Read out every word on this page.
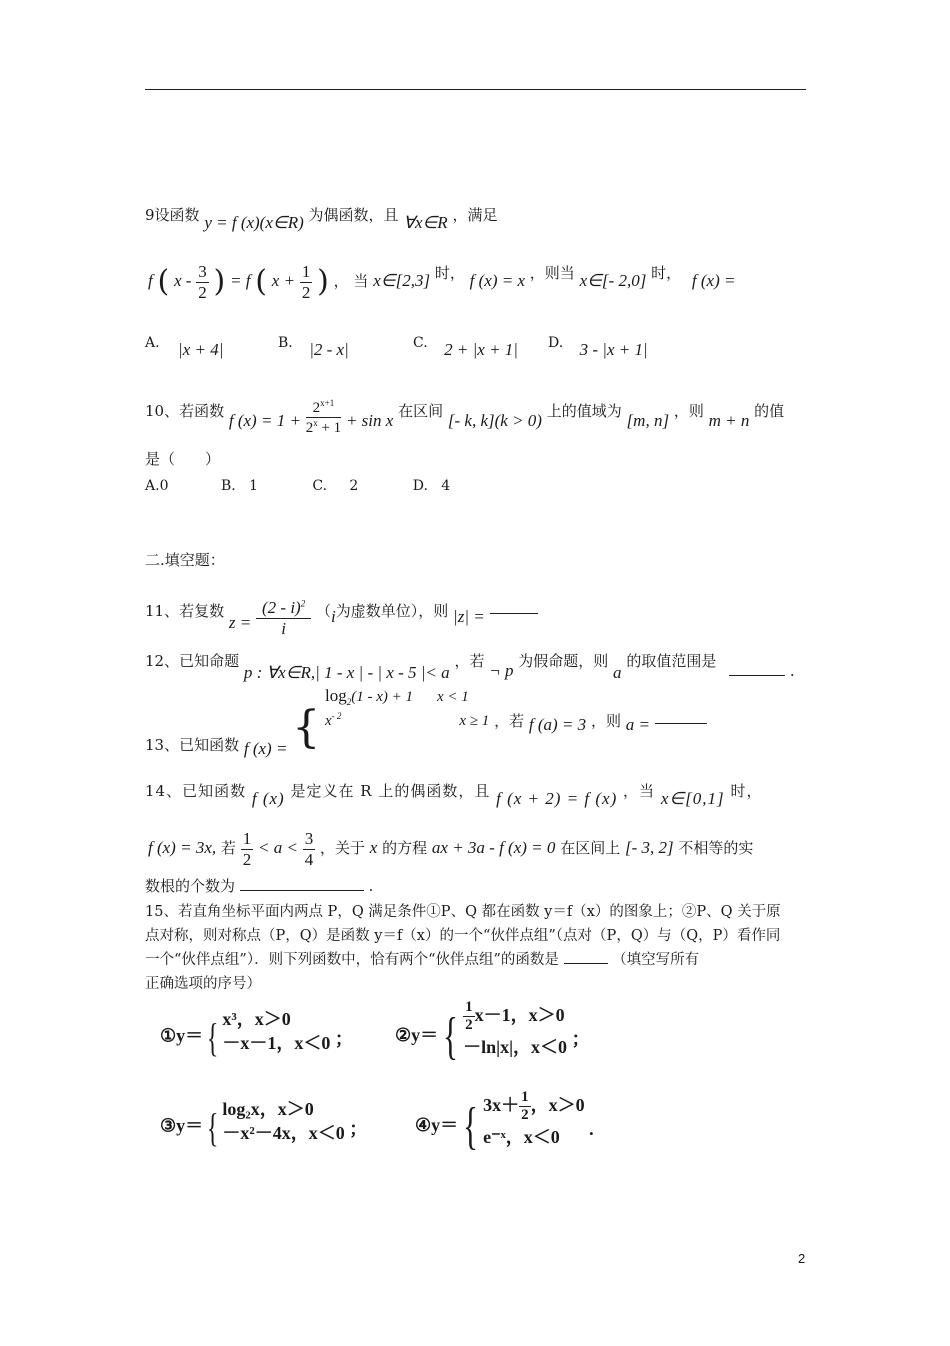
9设函数 y = f (x)(x∈R) 为偶函数，且 ∀x∈R ，满足
f ( x - $\frac{3}{2}$ ) = f ( $x + \frac{1}{2}$ ) ， 当 x∈[2,3] 时， f (x) = x ，则当 x∈[- 2,0] 时， f (x) =
A. |x + 4|	B. |2 - x|	C. 2 + |x + 1| D. 3 - |x + 1|
10、若函数 f $(x) = 1 + \frac{2^{x+1}}{2^x + 1} + \sin x$ 在区间 [- k, k](k > 0) 上的值域为 [m, n] ，则 m + n 的值
是（　　）
A.0	B. 1	C. 2	D. 4
二.填空题：
11、若复数 $z = \frac{(2 - i)^2}{i} (i$为虚数单位），则 |z| =
12、已知命题 p : ∀x∈R,| 1 - x | - | x - 5 |< a ，若 ¬ p 为假命题，则 a 的取值范围是  .
13、已知函数 f (x) = {
$\log_2(1 - x) + 1$ x < 1
$x^{- 2}$	x ≥ 1 ，若 f (a) = 3 ，则 a =
14、已知函数 f (x) 是定义在 R 上的偶函数，且 f (x + 2) = f (x) ，当 x∈[0,1] 时，
f (x) = 3x, 若 $\frac{1}{2} < a < \frac{3}{4}$ ，关于 x 的方程 ax + 3a - f (x) = 0 在区间上 [- 3, 2] 不相等的实
数根的个数为	.
15、若直角坐标平面内两点 P，Q 满足条件①P、Q 都在函数 y＝f（x）的图象上；②P、Q 关于原
点对称，则对称点（P，Q）是函数 y＝f（x）的一个“伙伴点组”（点对（P，Q）与（Q，P）看作同
一个“伙伴点组”）．则下列函数中，恰有两个“伙伴点组”的函数是	（填空写所有
正确选项的序号）
①y＝{ x³，x＞0
－x－1，x＜0 ； ②y＝{ $\frac{1}{2} x-1$，x＞0
－ln|x|，x＜0 ；
③y＝{ log₂x，x＞0
－x²－4x，x＜0 ；	④y＝{ $3x+ \frac{1}{2}$ ，x＞0
e⁻ˣ，x＜0	.
2
